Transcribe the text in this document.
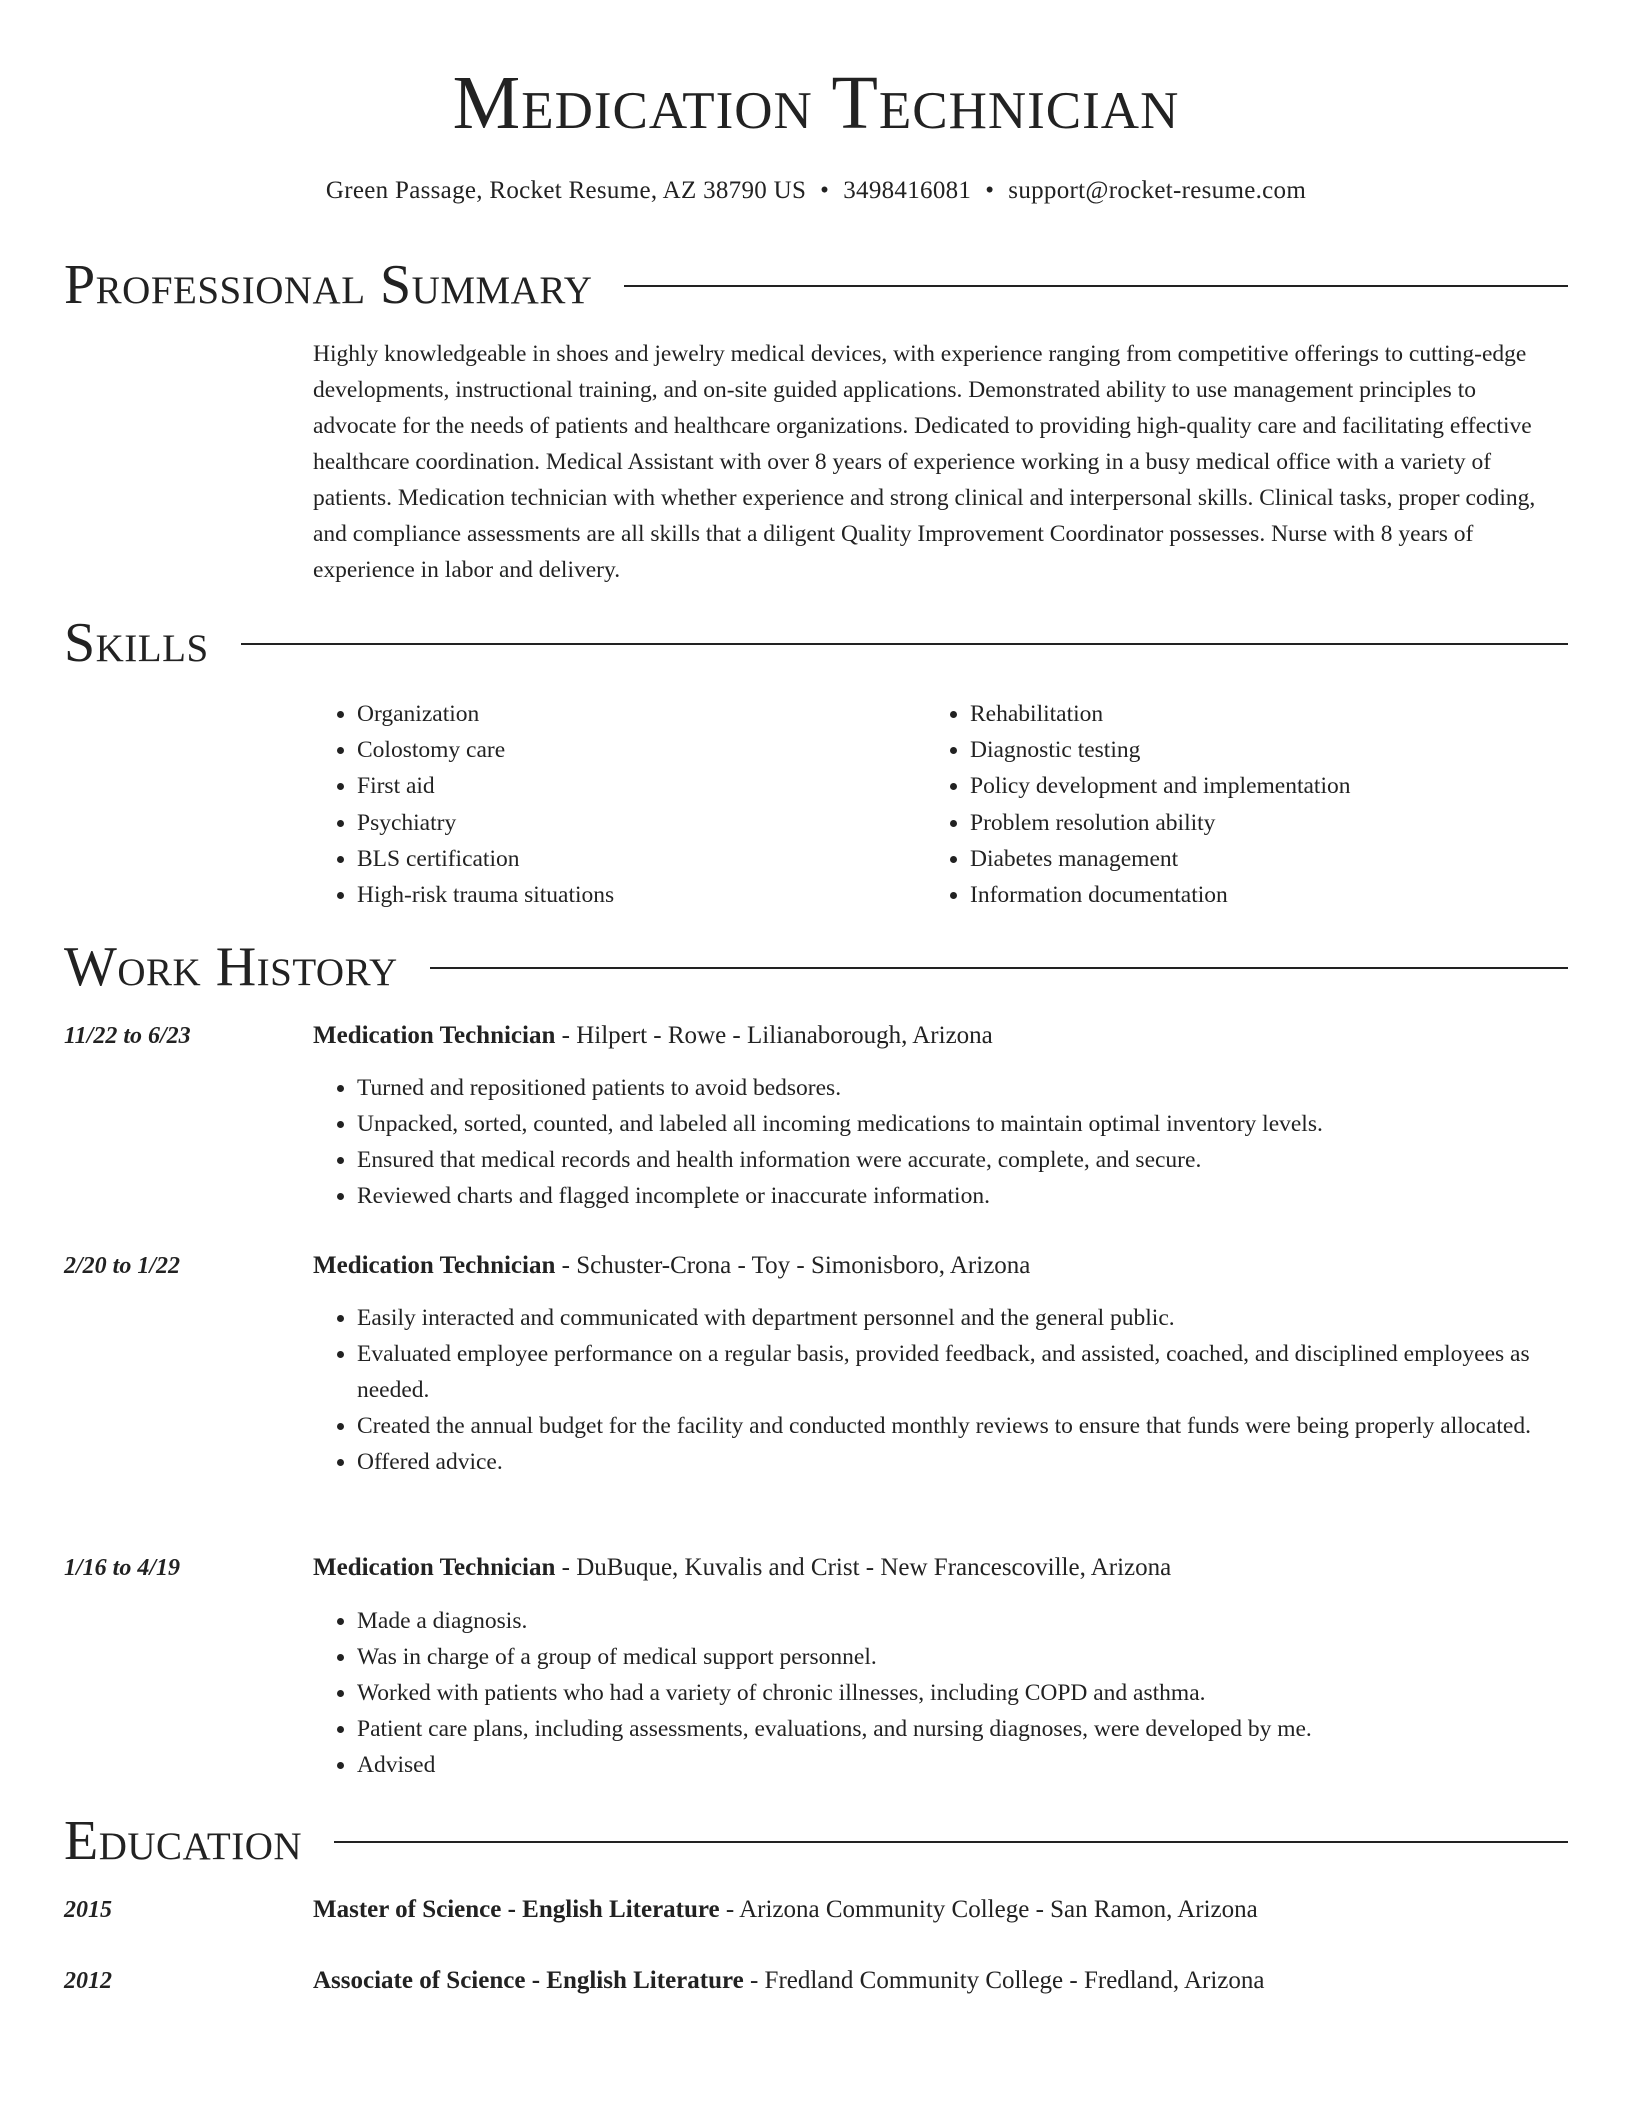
Medication Technician
Green Passage, Rocket Resume, AZ 38790 US • 3498416081 • support@rocket-resume.com
Professional Summary

Highly knowledgeable in shoes and jewelry medical devices, with experience ranging from competitive offerings to cutting-edge developments, instructional training, and on-site guided applications. Demonstrated ability to use management principles to advocate for the needs of patients and healthcare organizations. Dedicated to providing high-quality care and facilitating effective healthcare coordination. Medical Assistant with over 8 years of experience working in a busy medical office with a variety of patients. Medication technician with whether experience and strong clinical and interpersonal skills. Clinical tasks, proper coding, and compliance assessments are all skills that a diligent Quality Improvement Coordinator possesses. Nurse with 8 years of experience in labor and delivery.

Skills
• Organization
• Colostomy care
• First aid
• Psychiatry
• BLS certification
• High-risk trauma situations
• Rehabilitation
• Diagnostic testing
• Policy development and implementation
• Problem resolution ability
• Diabetes management
• Information documentation
Work History
11/22 to 6/23	Medication Technician - Hilpert - Rowe - Lilianaborough, Arizona
• Turned and repositioned patients to avoid bedsores.
• Unpacked, sorted, counted, and labeled all incoming medications to maintain optimal inventory levels.
• Ensured that medical records and health information were accurate, complete, and secure.
• Reviewed charts and flagged incomplete or inaccurate information.
2/20 to 1/22	Medication Technician - Schuster-Crona - Toy - Simonisboro, Arizona
• Easily interacted and communicated with department personnel and the general public.
• Evaluated employee performance on a regular basis, provided feedback, and assisted, coached, and disciplined employees as needed.
• Created the annual budget for the facility and conducted monthly reviews to ensure that funds were being properly allocated.
• Offered advice.
1/16 to 4/19	Medication Technician - DuBuque, Kuvalis and Crist - New Francescoville, Arizona
• Made a diagnosis.
• Was in charge of a group of medical support personnel.
• Worked with patients who had a variety of chronic illnesses, including COPD and asthma.
• Patient care plans, including assessments, evaluations, and nursing diagnoses, were developed by me.
• Advised
Education
2015	Master of Science - English Literature - Arizona Community College - San Ramon, Arizona
2012	Associate of Science - English Literature - Fredland Community College - Fredland, Arizona
